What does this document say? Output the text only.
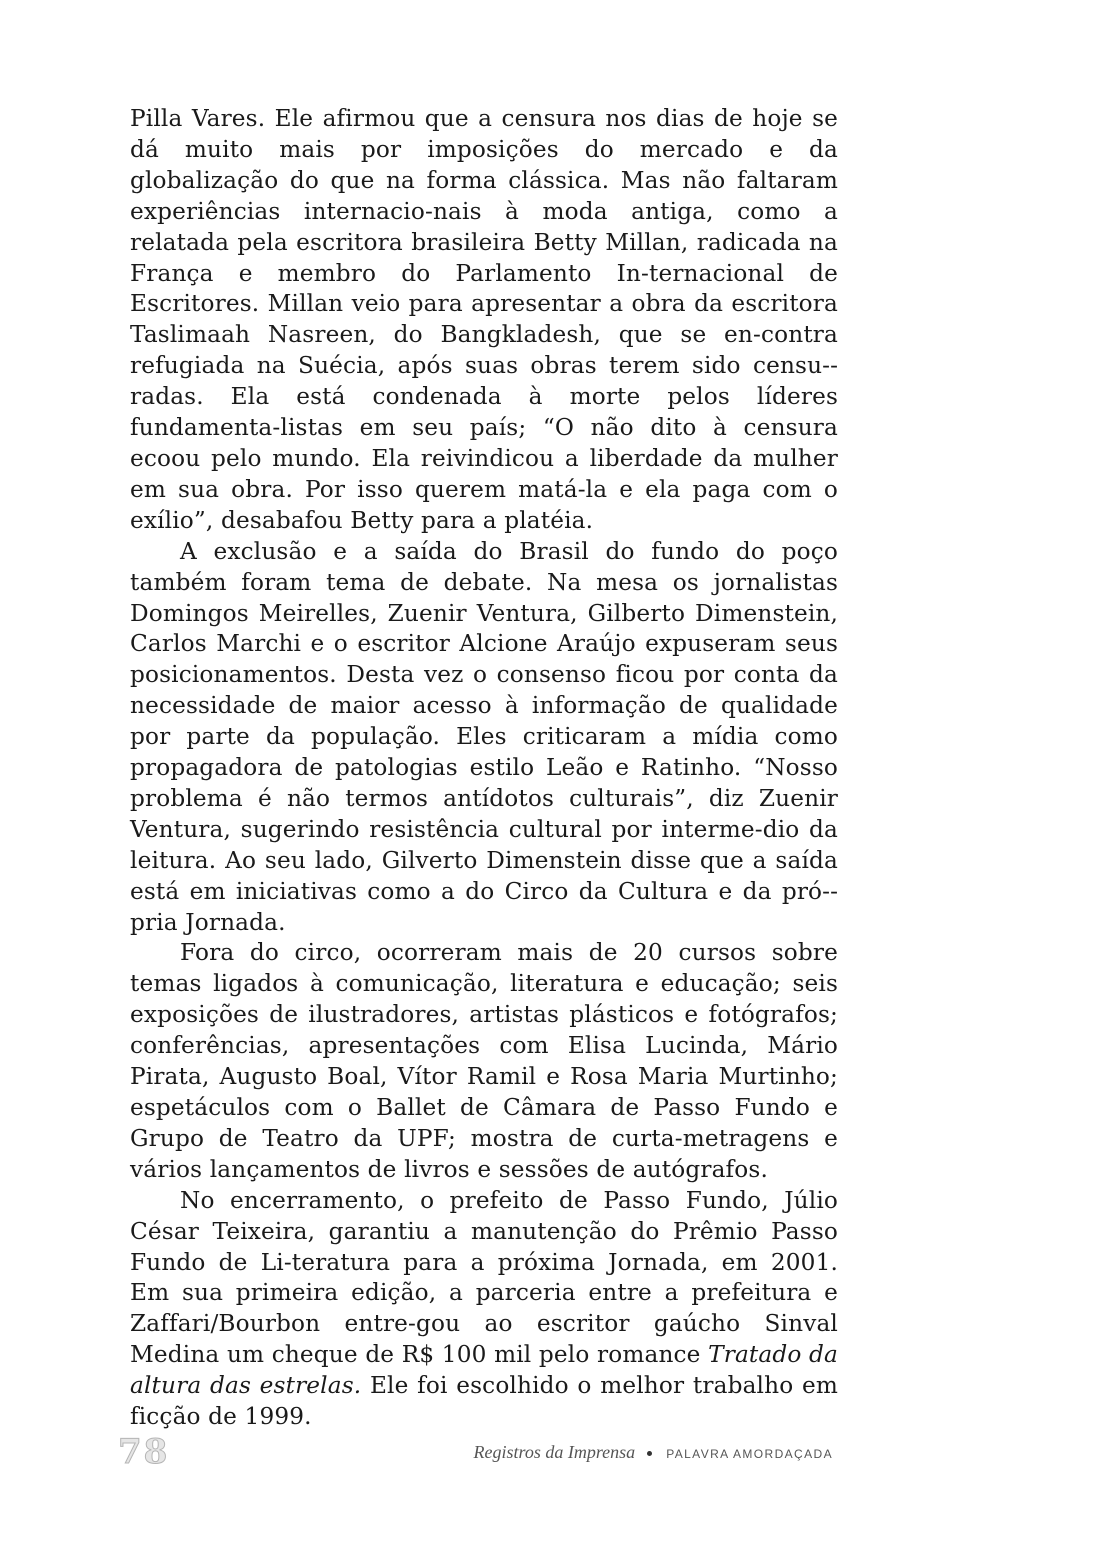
Pilla Vares. Ele afirmou que a censura nos dias de hoje se dá muito mais por imposições do mercado e da globalização do que na forma clássica. Mas não faltaram experiências internacio-nais à moda antiga, como a relatada pela escritora brasileira Betty Millan, radicada na França e membro do Parlamento In-ternacional de Escritores. Millan veio para apresentar a obra da escritora Taslimaah Nasreen, do Bangkladesh, que se en-contra refugiada na Suécia, após suas obras terem sido censu-radas. Ela está condenada à morte pelos líderes fundamenta-listas em seu país; “O não dito à censura ecoou pelo mundo. Ela reivindicou a liberdade da mulher em sua obra. Por isso querem matá-la e ela paga com o exílio”, desabafou Betty para a platéia.

A exclusão e a saída do Brasil do fundo do poço também foram tema de debate. Na mesa os jornalistas Domingos Meirelles, Zuenir Ventura, Gilberto Dimenstein, Carlos Marchi e o escritor Alcione Araújo expuseram seus posicionamentos. Desta vez o consenso ficou por conta da necessidade de maior acesso à informação de qualidade por parte da população. Eles criticaram a mídia como propagadora de patologias estilo Leão e Ratinho. “Nosso problema é não termos antídotos culturais”, diz Zuenir Ventura, sugerindo resistência cultural por interme-dio da leitura. Ao seu lado, Gilverto Dimenstein disse que a saída está em iniciativas como a do Circo da Cultura e da pró-pria Jornada.

Fora do circo, ocorreram mais de 20 cursos sobre temas ligados à comunicação, literatura e educação; seis exposições de ilustradores, artistas plásticos e fotógrafos; conferências, apresentações com Elisa Lucinda, Mário Pirata, Augusto Boal, Vítor Ramil e Rosa Maria Murtinho; espetáculos com o Ballet de Câmara de Passo Fundo e Grupo de Teatro da UPF; mostra de curta-metragens e vários lançamentos de livros e sessões de autógrafos.

No encerramento, o prefeito de Passo Fundo, Júlio César Teixeira, garantiu a manutenção do Prêmio Passo Fundo de Li-teratura para a próxima Jornada, em 2001. Em sua primeira edição, a parceria entre a prefeitura e Zaffari/Bourbon entre-gou ao escritor gaúcho Sinval Medina um cheque de R$ 100 mil pelo romance Tratado da altura das estrelas. Ele foi escolhido o melhor trabalho em ficção de 1999.

78	Registros da Imprensa	PALAVRA AMORDAÇADA
